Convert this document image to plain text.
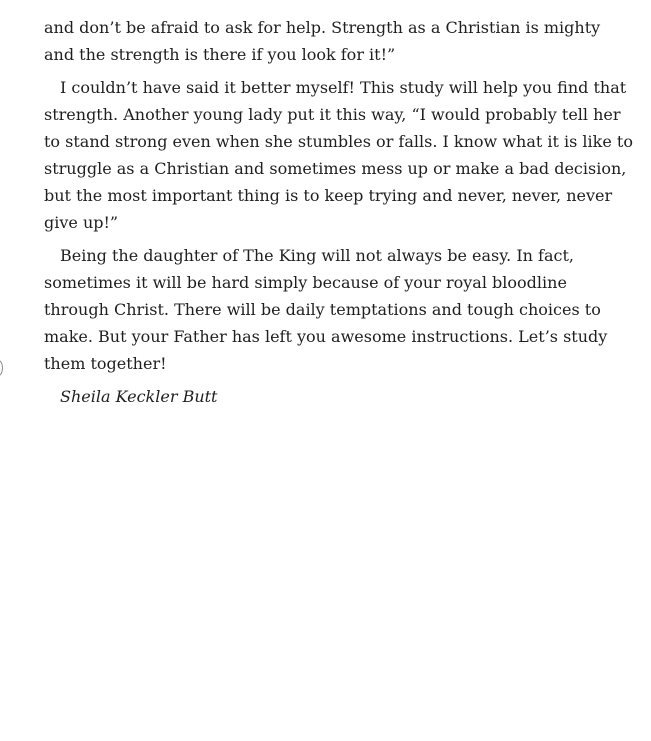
and don’t be afraid to ask for help. Strength as a Christian is mighty and the strength is there if you look for it!”

I couldn’t have said it better myself! This study will help you find that strength. Another young lady put it this way, “I would probably tell her to stand strong even when she stumbles or falls. I know what it is like to struggle as a Christian and sometimes mess up or make a bad decision, but the most important thing is to keep trying and never, never, never give up!”

Being the daughter of The King will not always be easy. In fact, sometimes it will be hard simply because of your royal bloodline through Christ. There will be daily temptations and tough choices to make. But your Father has left you awesome instructions. Let’s study them together!

Sheila Keckler Butt
